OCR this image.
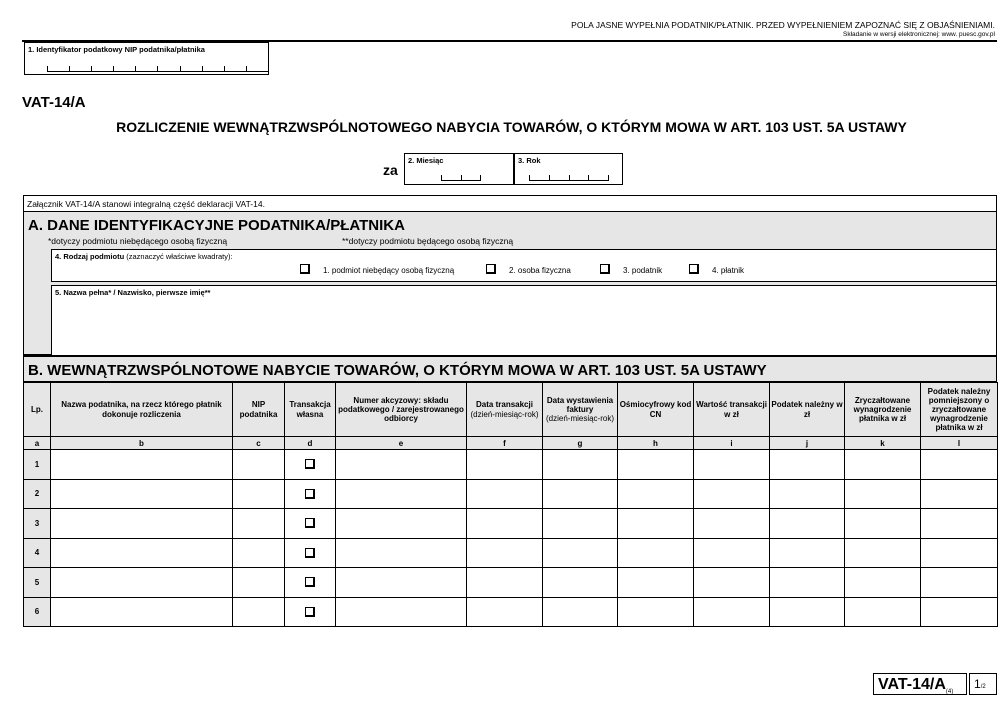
POLA JASNE WYPEŁNIA PODATNIK/PŁATNIK. PRZED WYPEŁNIENIEM ZAPOZNAĆ SIĘ Z OBJAŚNIENIAMI.
Składanie w wersji elektronicznej: www. puesc.gov.pl
1. Identyfikator podatkowy NIP podatnika/płatnika
VAT-14/A
ROZLICZENIE WEWNĄTRZWSPÓLNOTOWEGO NABYCIA TOWARÓW, O KTÓRYM MOWA W ART. 103 UST. 5A USTAWY
za
2. Miesiąc	3. Rok
Załącznik VAT-14/A stanowi integralną część deklaracji VAT-14.
A. DANE IDENTYFIKACYJNE PODATNIKA/PŁATNIKA
*dotyczy podmiotu niebędącego osobą fizyczną	**dotyczy podmiotu będącego osobą fizyczną
4. Rodzaj podmiotu (zaznaczyć właściwe kwadraty):
1. podmiot niebędący osobą fizyczną	2. osoba fizyczna	3. podatnik	4. płatnik
5. Nazwa pełna* / Nazwisko, pierwsze imię**
B. WEWNĄTRZWSPÓLNOTOWE NABYCIE TOWARÓW, O KTÓRYM MOWA W ART. 103 UST. 5A USTAWY
Lp.	Nazwa podatnika, na rzecz którego płatnik dokonuje rozliczenia	NIP podatnika	Transakcja własna	Numer akcyzowy: składu podatkowego / zarejestrowanego odbiorcy	Data transakcji
(dzień-miesiąc-rok)	Data wystawienia faktury
(dzień-miesiąc-rok)	Ośmiocyfrowy kod CN	Wartość transakcji w zł	Podatek należny w zł	Zryczałtowane wynagrodzenie płatnika w zł	Podatek należny pomniejszony o zryczałtowane wynagrodzenie płatnika w zł
a	b	c	d	e	f	g	h	i	j	k	l
1											
2											
3											
4											
5											
6											
VAT-$14/A_{(4)}$
1/2
